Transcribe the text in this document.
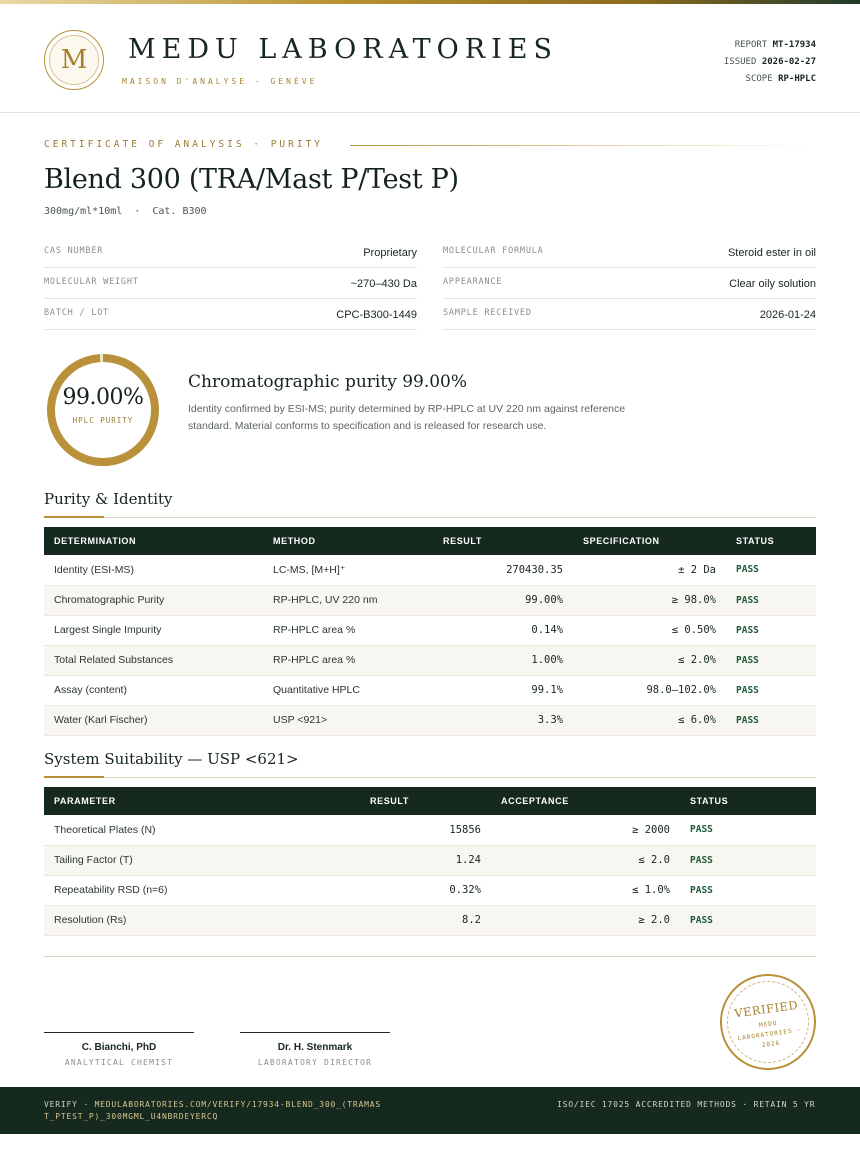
M MEDU LABORATORIES
MAISON D'ANALYSE · GENÈVE
REPORT MT-17934
ISSUED 2026-02-27
SCOPE RP-HPLC
CERTIFICATE OF ANALYSIS · PURITY
Blend 300 (TRA/Mast P/Test P)
300mg/ml*10ml  ·  Cat. B300
CAS NUMBER	Proprietary	MOLECULAR FORMULA	Steroid ester in oil
MOLECULAR WEIGHT	~270–430 Da	APPEARANCE	Clear oily solution
BATCH / LOT	CPC-B300-1449	SAMPLE RECEIVED	2026-01-24
99.00%
HPLC PURITY
Chromatographic purity 99.00%

Identity confirmed by ESI-MS; purity determined by RP-HPLC at UV 220 nm against reference standard. Material conforms to specification and is released for research use.

Purity & Identity
DETERMINATION	METHOD	RESULT	SPECIFICATION	STATUS
Identity (ESI-MS)	LC-MS, [M+H]⁺	270430.35	± 2 Da	PASS
Chromatographic Purity	RP-HPLC, UV 220 nm	99.00%	≥ 98.0%	PASS
Largest Single Impurity	RP-HPLC area %	0.14%	≤ 0.50%	PASS
Total Related Substances	RP-HPLC area %	1.00%	≤ 2.0%	PASS
Assay (content)	Quantitative HPLC	99.1%	98.0–102.0%	PASS
Water (Karl Fischer)	USP <921>	3.3%	≤ 6.0%	PASS
System Suitability — USP <621>
PARAMETER	RESULT	ACCEPTANCE	STATUS
Theoretical Plates (N)	15856	≥ 2000	PASS
Tailing Factor (T)	1.24	≤ 2.0	PASS
Repeatability RSD (n=6)	0.32%	≤ 1.0%	PASS
Resolution (Rs)	8.2	≥ 2.0	PASS
C. Bianchi, PhD
ANALYTICAL CHEMIST
Dr. H. Stenmark
LABORATORY DIRECTOR
VERIFIED
MEDU LABORATORIES · 2026
VERIFY · MEDULABORATORIES.COM/VERIFY/17934-BLEND_300_(TRAMAST_PTEST_P)_300MGML_U4NBRDEYERCQ
ISO/IEC 17025 ACCREDITED METHODS · RETAIN 5 YR
